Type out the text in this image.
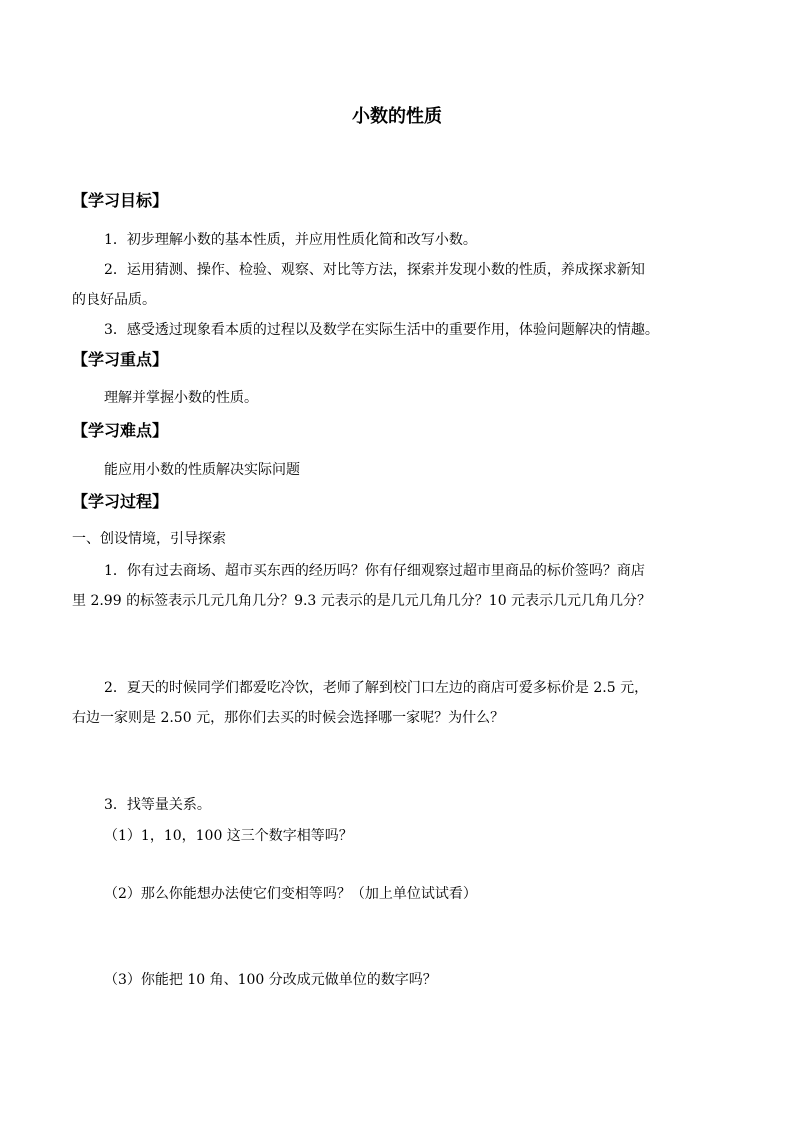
小数的性质
【学习目标】
1．初步理解小数的基本性质，并应用性质化简和改写小数。
2．运用猜测、操作、检验、观察、对比等方法，探索并发现小数的性质，养成探求新知
的良好品质。
3．感受透过现象看本质的过程以及数学在实际生活中的重要作用，体验问题解决的情趣。
【学习重点】
理解并掌握小数的性质。
【学习难点】
能应用小数的性质解决实际问题
【学习过程】
一、创设情境，引导探索
1．你有过去商场、超市买东西的经历吗？你有仔细观察过超市里商品的标价签吗？商店
里 2.99 的标签表示几元几角几分？9.3 元表示的是几元几角几分？10 元表示几元几角几分？
2．夏天的时候同学们都爱吃冷饮，老师了解到校门口左边的商店可爱多标价是 2.5 元，
右边一家则是 2.50 元，那你们去买的时候会选择哪一家呢？为什么？
3．找等量关系。
（1）1，10，100 这三个数字相等吗？
（2）那么你能想办法使它们变相等吗？（加上单位试试看）
（3）你能把 10 角、100 分改成元做单位的数字吗？
